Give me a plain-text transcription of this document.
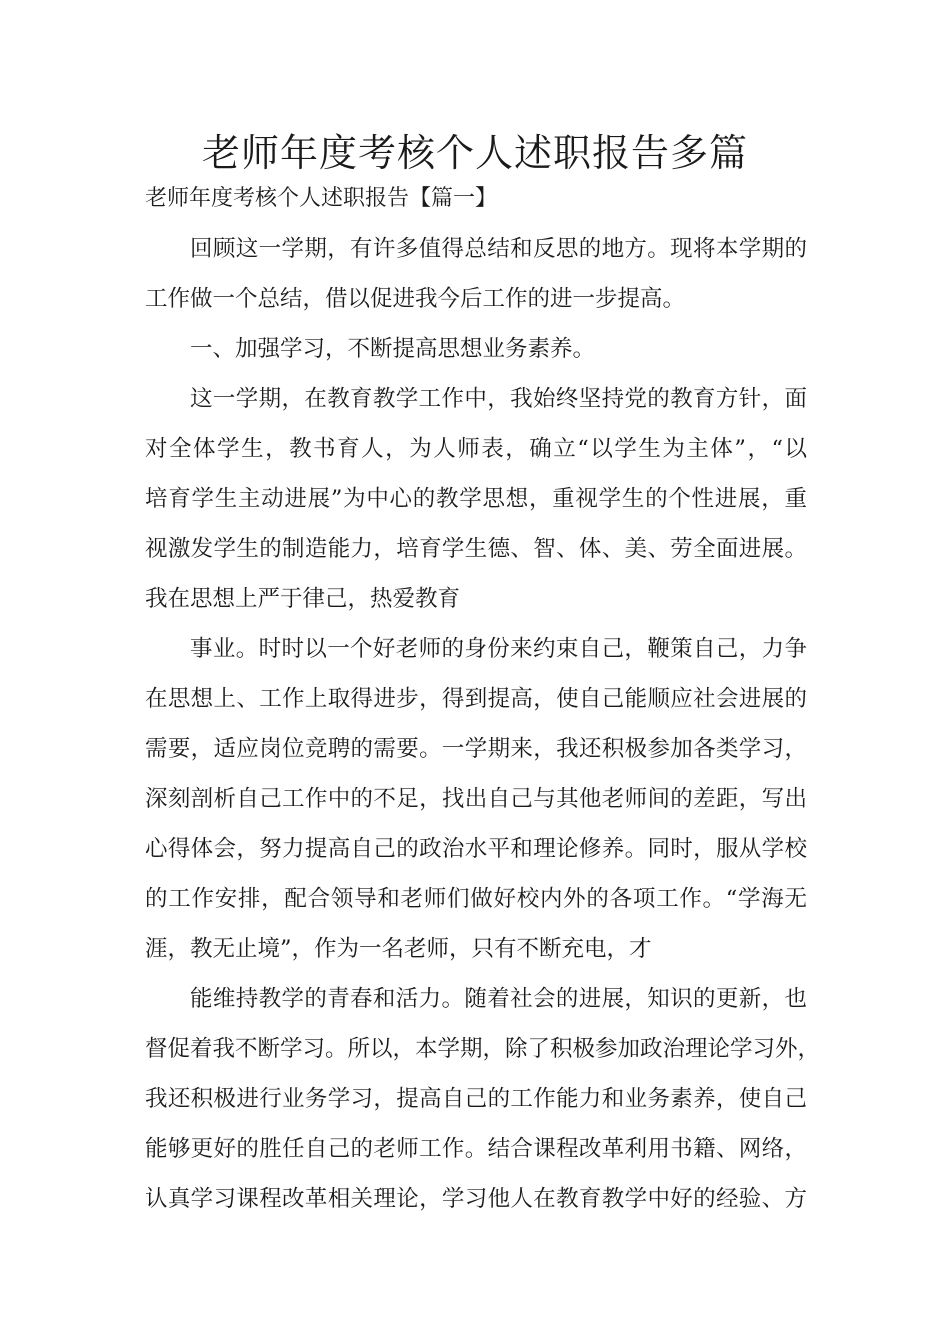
老师年度考核个人述职报告多篇

老师年度考核个人述职报告【篇一】

回顾这一学期，有许多值得总结和反思的地方。现将本学期的

工作做一个总结，借以促进我今后工作的进一步提高。

一、加强学习，不断提高思想业务素养。

这一学期，在教育教学工作中，我始终坚持党的教育方针，面

对全体学生，教书育人，为人师表，确立“以学生为主体”，“以

培育学生主动进展”为中心的教学思想，重视学生的个性进展，重

视激发学生的制造能力，培育学生德、智、体、美、劳全面进展。

我在思想上严于律己，热爱教育

事业。时时以一个好老师的身份来约束自己，鞭策自己，力争

在思想上、工作上取得进步，得到提高，使自己能顺应社会进展的

需要，适应岗位竞聘的需要。一学期来，我还积极参加各类学习，

深刻剖析自己工作中的不足，找出自己与其他老师间的差距，写出

心得体会，努力提高自己的政治水平和理论修养。同时，服从学校

的工作安排，配合领导和老师们做好校内外的各项工作。“学海无

涯，教无止境”，作为一名老师，只有不断充电，才

能维持教学的青春和活力。随着社会的进展，知识的更新，也

督促着我不断学习。所以，本学期，除了积极参加政治理论学习外，

我还积极进行业务学习，提高自己的工作能力和业务素养，使自己

能够更好的胜任自己的老师工作。结合课程改革利用书籍、网络，

认真学习课程改革相关理论，学习他人在教育教学中好的经验、方
